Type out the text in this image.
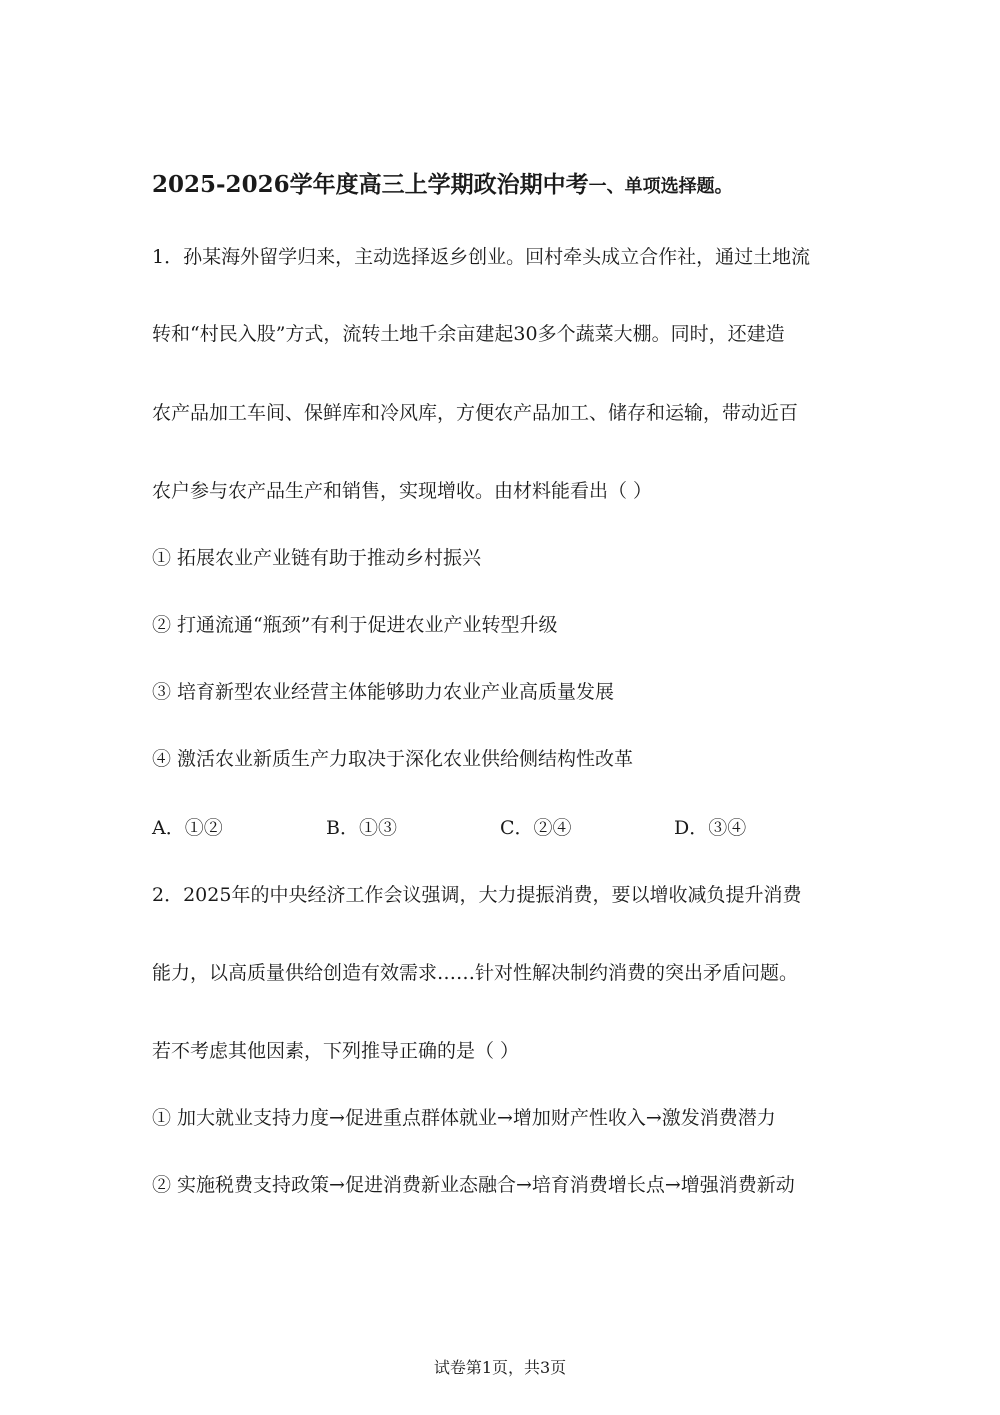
2025-2026学年度高三上学期政治期中考一、单项选择题。
1．孙某海外留学归来，主动选择返乡创业。回村牵头成立合作社，通过土地流
转和“村民入股”方式，流转土地千余亩建起30多个蔬菜大棚。同时，还建造
农产品加工车间、保鲜库和冷风库，方便农产品加工、储存和运输，带动近百
农户参与农产品生产和销售，实现增收。由材料能看出（ ）
① 拓展农业产业链有助于推动乡村振兴
② 打通流通“瓶颈”有利于促进农业产业转型升级
③ 培育新型农业经营主体能够助力农业产业高质量发展
④ 激活农业新质生产力取决于深化农业供给侧结构性改革
A．①②	B．①③	C．②④	D．③④
2．2025年的中央经济工作会议强调，大力提振消费，要以增收减负提升消费
能力，以高质量供给创造有效需求……针对性解决制约消费的突出矛盾问题。
若不考虑其他因素，下列推导正确的是（ ）
① 加大就业支持力度→促进重点群体就业→增加财产性收入→激发消费潜力
② 实施税费支持政策→促进消费新业态融合→培育消费增长点→增强消费新动
试卷第1页，共3页
